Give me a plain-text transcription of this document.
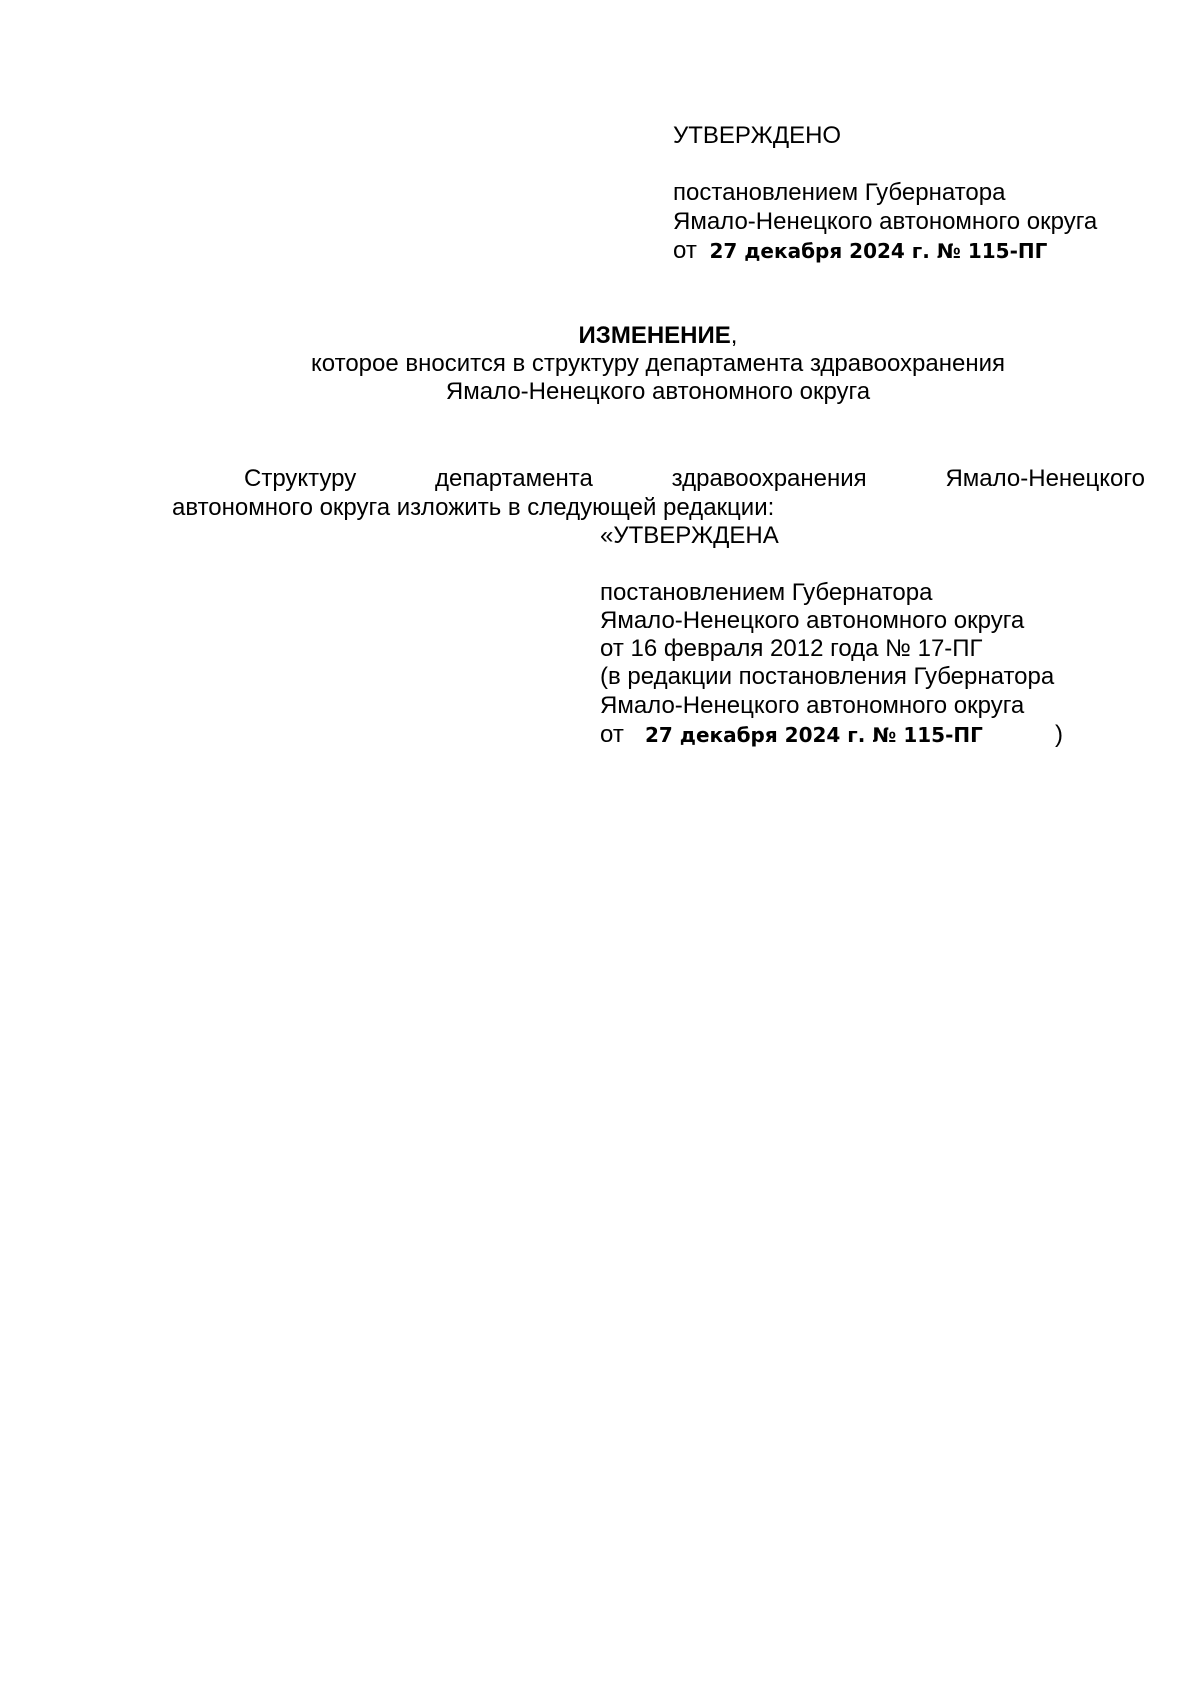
УТВЕРЖДЕНО
постановлением Губернатора
Ямало-Ненецкого автономного округа
от 27 декабря 2024 г. № 115-ПГ
ИЗМЕНЕНИЕ,
которое вносится в структуру департамента здравоохранения
Ямало-Ненецкого автономного округа
Структуру	департамента	здравоохранения	Ямало-Ненецкого
автономного округа изложить в следующей редакции:
«УТВЕРЖДЕНА
постановлением Губернатора
Ямало-Ненецкого автономного округа
от 16 февраля 2012 года № 17-ПГ
(в редакции постановления Губернатора
Ямало-Ненецкого автономного округа
от 27 декабря 2024 г. № 115-ПГ	)
